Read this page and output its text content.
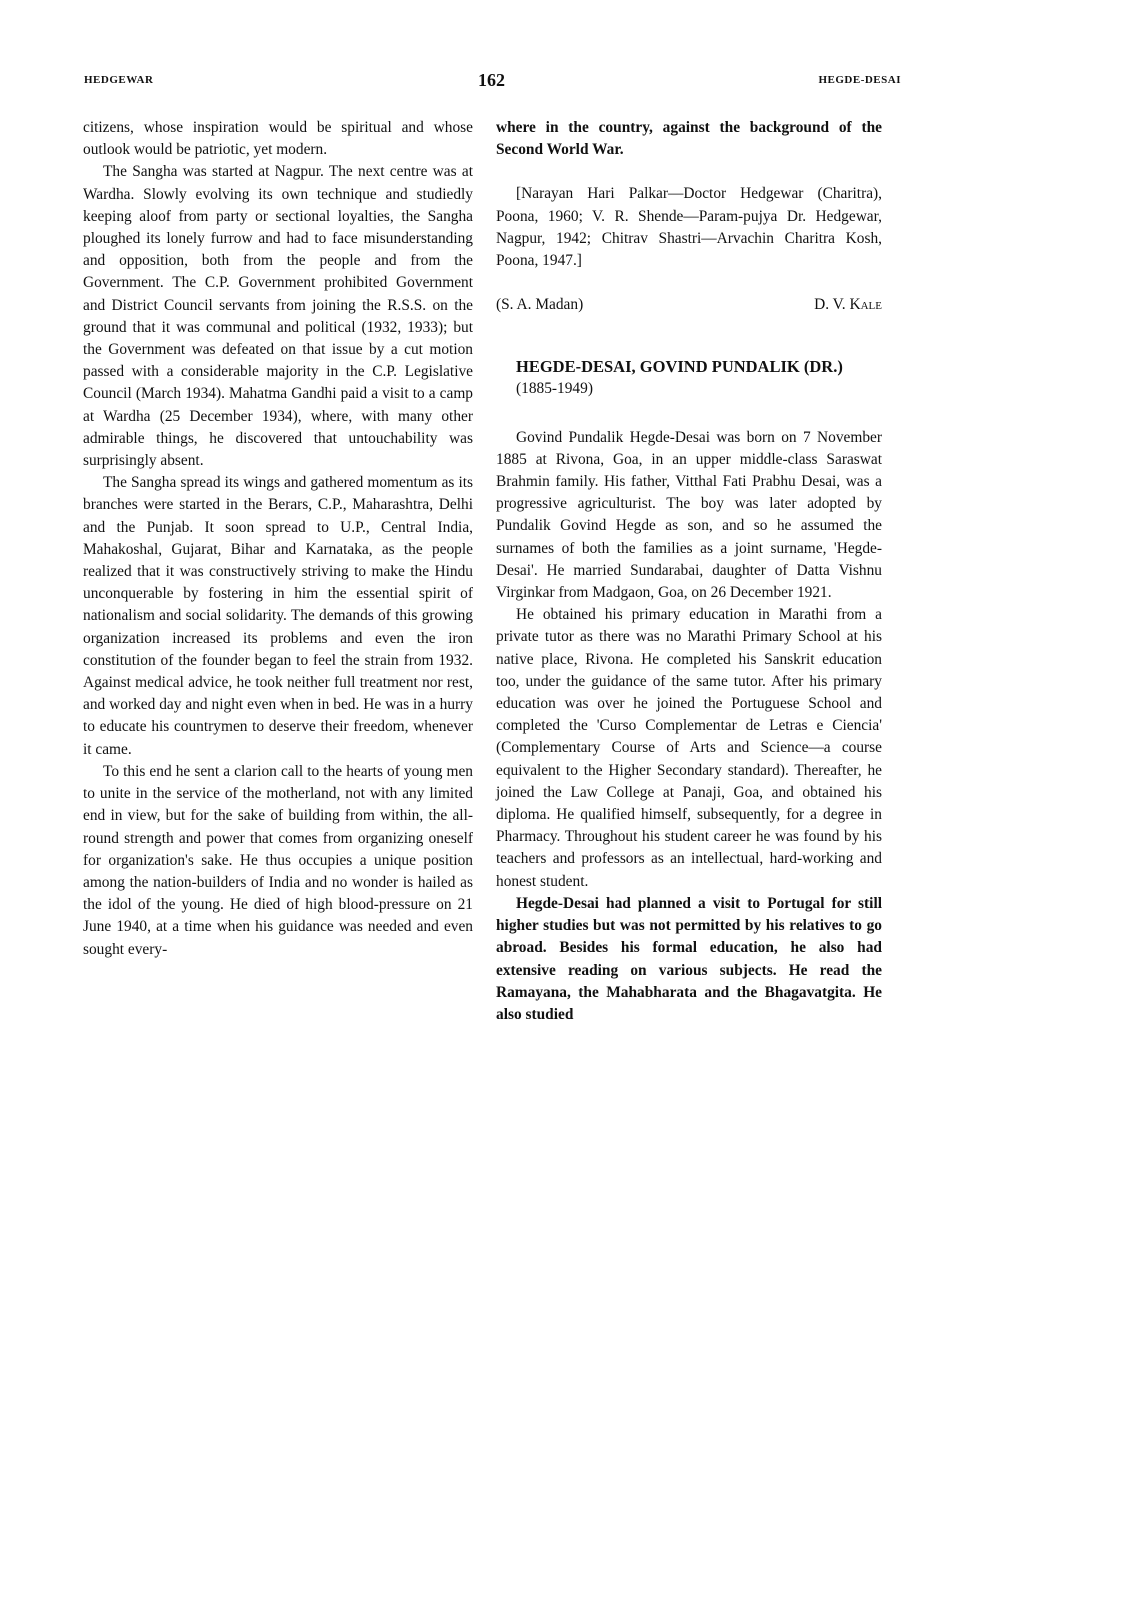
HEDGEWAR	162	HEGDE-DESAI

citizens, whose inspiration would be spiritual and whose outlook would be patriotic, yet modern.

The Sangha was started at Nagpur. The next centre was at Wardha. Slowly evolving its own technique and studiedly keeping aloof from party or sectional loyalties, the Sangha ploughed its lonely furrow and had to face misunderstanding and opposition, both from the people and from the Government. The C.P. Government prohibited Government and District Council servants from joining the R.S.S. on the ground that it was communal and political (1932, 1933); but the Government was defeated on that issue by a cut motion passed with a considerable majority in the C.P. Legislative Council (March 1934). Mahatma Gandhi paid a visit to a camp at Wardha (25 December 1934), where, with many other admirable things, he discovered that untouchability was surprisingly absent.

The Sangha spread its wings and gathered momentum as its branches were started in the Berars, C.P., Maharashtra, Delhi and the Punjab. It soon spread to U.P., Central India, Mahakoshal, Gujarat, Bihar and Karnataka, as the people realized that it was constructively striving to make the Hindu unconquerable by fostering in him the essential spirit of nationalism and social solidarity. The demands of this growing organization increased its problems and even the iron constitution of the founder began to feel the strain from 1932. Against medical advice, he took neither full treatment nor rest, and worked day and night even when in bed. He was in a hurry to educate his countrymen to deserve their freedom, whenever it came.

To this end he sent a clarion call to the hearts of young men to unite in the service of the motherland, not with any limited end in view, but for the sake of building from within, the all-round strength and power that comes from organizing oneself for organization's sake. He thus occupies a unique position among the nation-builders of India and no wonder is hailed as the idol of the young. He died of high blood-pressure on 21 June 1940, at a time when his guidance was needed and even sought every-

where in the country, against the background of the Second World War.

[Narayan Hari Palkar—Doctor Hedgewar (Charitra), Poona, 1960; V. R. Shende—Param-pujya Dr. Hedgewar, Nagpur, 1942; Chitrav Shastri—Arvachin Charitra Kosh, Poona, 1947.]

(S. A. Madan)	D. V. Kale

HEGDE-DESAI, GOVIND PUNDALIK (DR.)

(1885-1949)

Govind Pundalik Hegde-Desai was born on 7 November 1885 at Rivona, Goa, in an upper middle-class Saraswat Brahmin family. His father, Vitthal Fati Prabhu Desai, was a progressive agriculturist. The boy was later adopted by Pundalik Govind Hegde as son, and so he assumed the surnames of both the families as a joint surname, 'Hegde-Desai'. He married Sundarabai, daughter of Datta Vishnu Virginkar from Madgaon, Goa, on 26 December 1921.

He obtained his primary education in Marathi from a private tutor as there was no Marathi Primary School at his native place, Rivona. He completed his Sanskrit education too, under the guidance of the same tutor. After his primary education was over he joined the Portuguese School and completed the 'Curso Complementar de Letras e Ciencia' (Complementary Course of Arts and Science—a course equivalent to the Higher Secondary standard). Thereafter, he joined the Law College at Panaji, Goa, and obtained his diploma. He qualified himself, subsequently, for a degree in Pharmacy. Throughout his student career he was found by his teachers and professors as an intellectual, hard-working and honest student.

Hegde-Desai had planned a visit to Portugal for still higher studies but was not permitted by his relatives to go abroad. Besides his formal education, he also had extensive reading on various subjects. He read the Ramayana, the Mahabharata and the Bhagavatgita. He also studied
